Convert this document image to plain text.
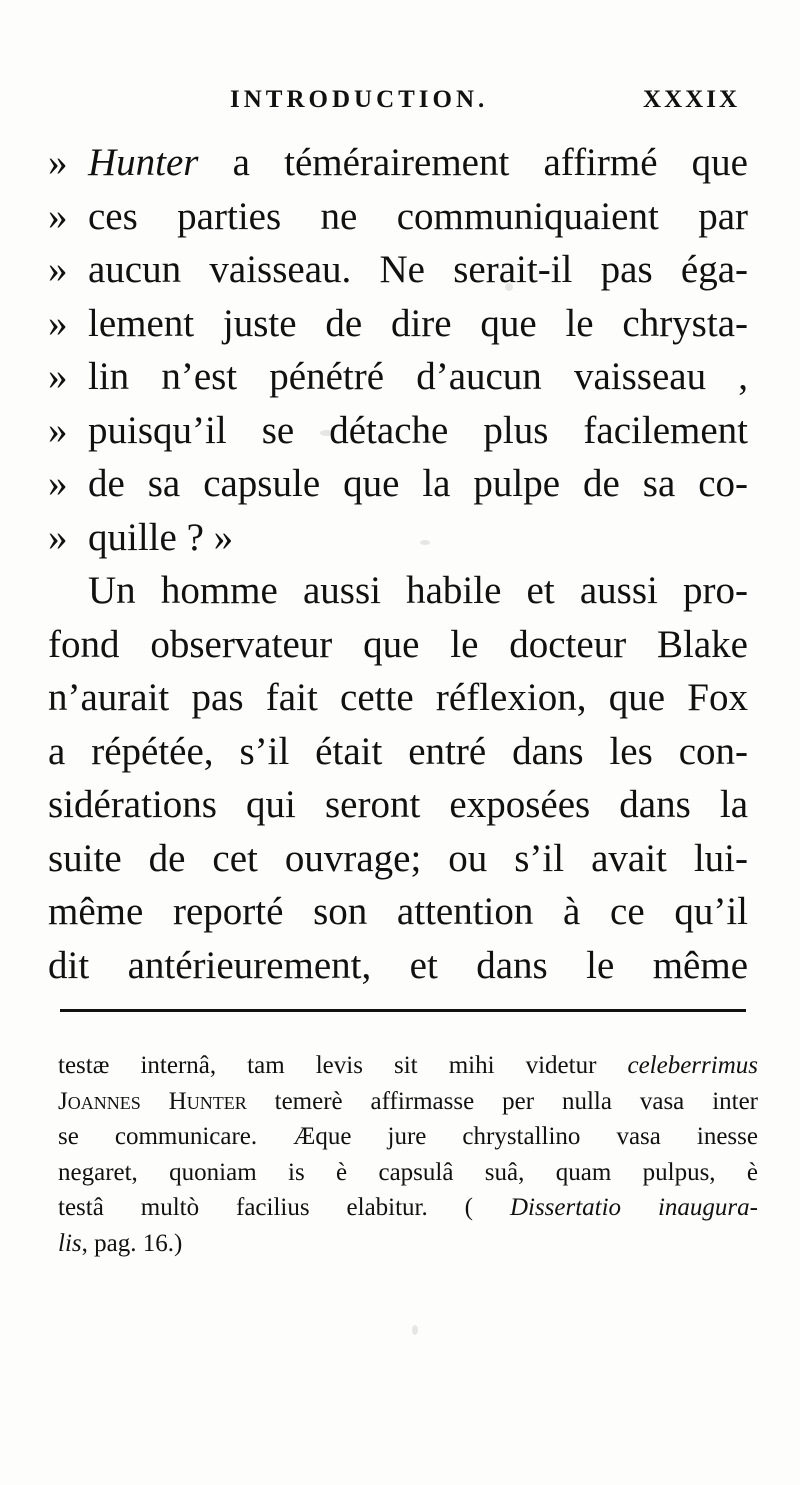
INTRODUCTION.	XXXIX
» Hunter a témérairement affirmé que
» ces parties ne communiquaient par
» aucun vaisseau. Ne serait-il pas éga-
» lement juste de dire que le chrysta-
» lin n’est pénétré d’aucun vaisseau ,
» puisqu’il se détache plus facilement
» de sa capsule que la pulpe de sa co-
» quille ? »
Un homme aussi habile et aussi pro-
fond observateur que le docteur Blake
n’aurait pas fait cette réflexion, que Fox
a répétée, s’il était entré dans les con-
sidérations qui seront exposées dans la
suite de cet ouvrage; ou s’il avait lui-
même reporté son attention à ce qu’il
dit antérieurement, et dans le même
testæ internâ, tam levis sit mihi videtur celeberrimus
Joannes Hunter temerè affirmasse per nulla vasa inter
se communicare. Æque jure chrystallino vasa inesse
negaret, quoniam is è capsulâ suâ, quam pulpus, è
testâ multò facilius elabitur. ( Dissertatio inaugura-
lis, pag. 16.)
